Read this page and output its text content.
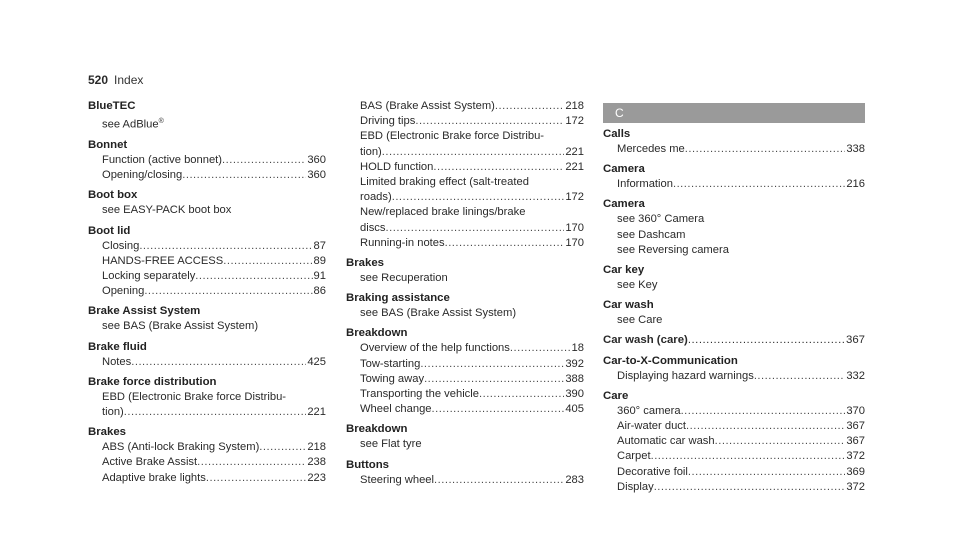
520 Index
BlueTEC
see AdBlue®
Bonnet
Function (active bonnet) .....	360
Opening/closing .....	360
Boot box
see EASY-PACK boot box
Boot lid
Closing .....	87
HANDS-FREE ACCESS .....	89
Locking separately .....	91
Opening .....	86
Brake Assist System
see BAS (Brake Assist System)
Brake fluid
Notes .....	425
Brake force distribution
EBD (Electronic Brake force Distribu-
tion) .....	221
Brakes
ABS (Anti-lock Braking System) .....	218
Active Brake Assist .....	238
Adaptive brake lights .....	223
BAS (Brake Assist System) .....	218
Driving tips .....	172
EBD (Electronic Brake force Distribu-
tion) .....	221
HOLD function .....	221
Limited braking effect (salt-treated
roads) .....	172
New/replaced brake linings/brake
discs .....	170
Running-in notes .....	170
Brakes
see Recuperation
Braking assistance
see BAS (Brake Assist System)
Breakdown
Overview of the help functions .....	18
Tow-starting .....	392
Towing away .....	388
Transporting the vehicle .....	390
Wheel change .....	405
Breakdown
see Flat tyre
Buttons
Steering wheel .....	283
C
Calls
Mercedes me .....	338
Camera
Information .....	216
Camera
see 360° Camera
see Dashcam
see Reversing camera
Car key
see Key
Car wash
see Care
Car wash (care) .....	367
Car-to-X-Communication
Displaying hazard warnings .....	332
Care
360° camera .....	370
Air-water duct .....	367
Automatic car wash .....	367
Carpet .....	372
Decorative foil .....	369
Display .....	372
